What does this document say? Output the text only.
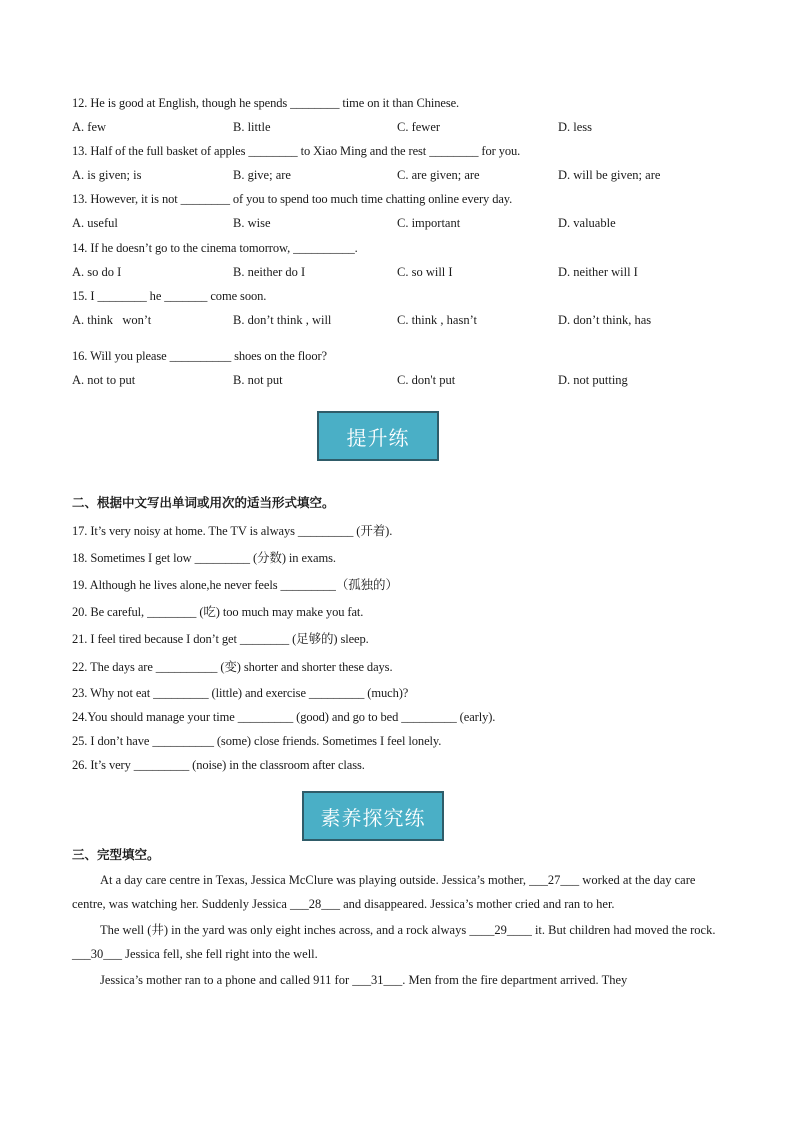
12. He is good at English, though he spends ________ time on it than Chinese.
A. few	B. little	C. fewer	D. less
13. Half of the full basket of apples ________ to Xiao Ming and the rest ________ for you.
A. is given; is	B. give; are	C. are given; are	D. will be given; are
13. However, it is not ________ of you to spend too much time chatting online every day.
A. useful	B. wise	C. important	D. valuable
14. If he doesn’t go to the cinema tomorrow, __________.
A. so do I	B. neither do I	C. so will I	D. neither will I
15. I ________ he _______ come soon.
A. think   won’t	B. don’t think , will	C. think , hasn’t	D. don’t think, has
16. Will you please __________ shoes on the floor?
A. not to put	B. not put	C. don't put	D. not putting
提升练
二、根据中文写出单词或用次的适当形式填空。
17. It’s very noisy at home. The TV is always _________ (开着).
18. Sometimes I get low _________ (分数) in exams.
19. Although he lives alone,he never feels _________（孤独的）
20. Be careful, ________ (吃) too much may make you fat.
21. I feel tired because I don’t get ________ (足够的) sleep.
22. The days are __________ (变) shorter and shorter these days.
23. Why not eat _________ (little) and exercise _________ (much)?
24.You should manage your time _________ (good) and go to bed _________ (early).
25. I don’t have __________ (some) close friends. Sometimes I feel lonely.
26. It’s very _________ (noise) in the classroom after class.
素养探究练
三、完型填空。

At a day care centre in Texas, Jessica McClure was playing outside. Jessica’s mother, ___27___ worked at the day care centre, was watching her. Suddenly Jessica ___28___ and disappeared. Jessica’s mother cried and ran to her.

The well (井) in the yard was only eight inches across, and a rock always ____29____ it. But children had moved the rock. ___30___ Jessica fell, she fell right into the well.

Jessica’s mother ran to a phone and called 911 for ___31___. Men from the fire department arrived. They
